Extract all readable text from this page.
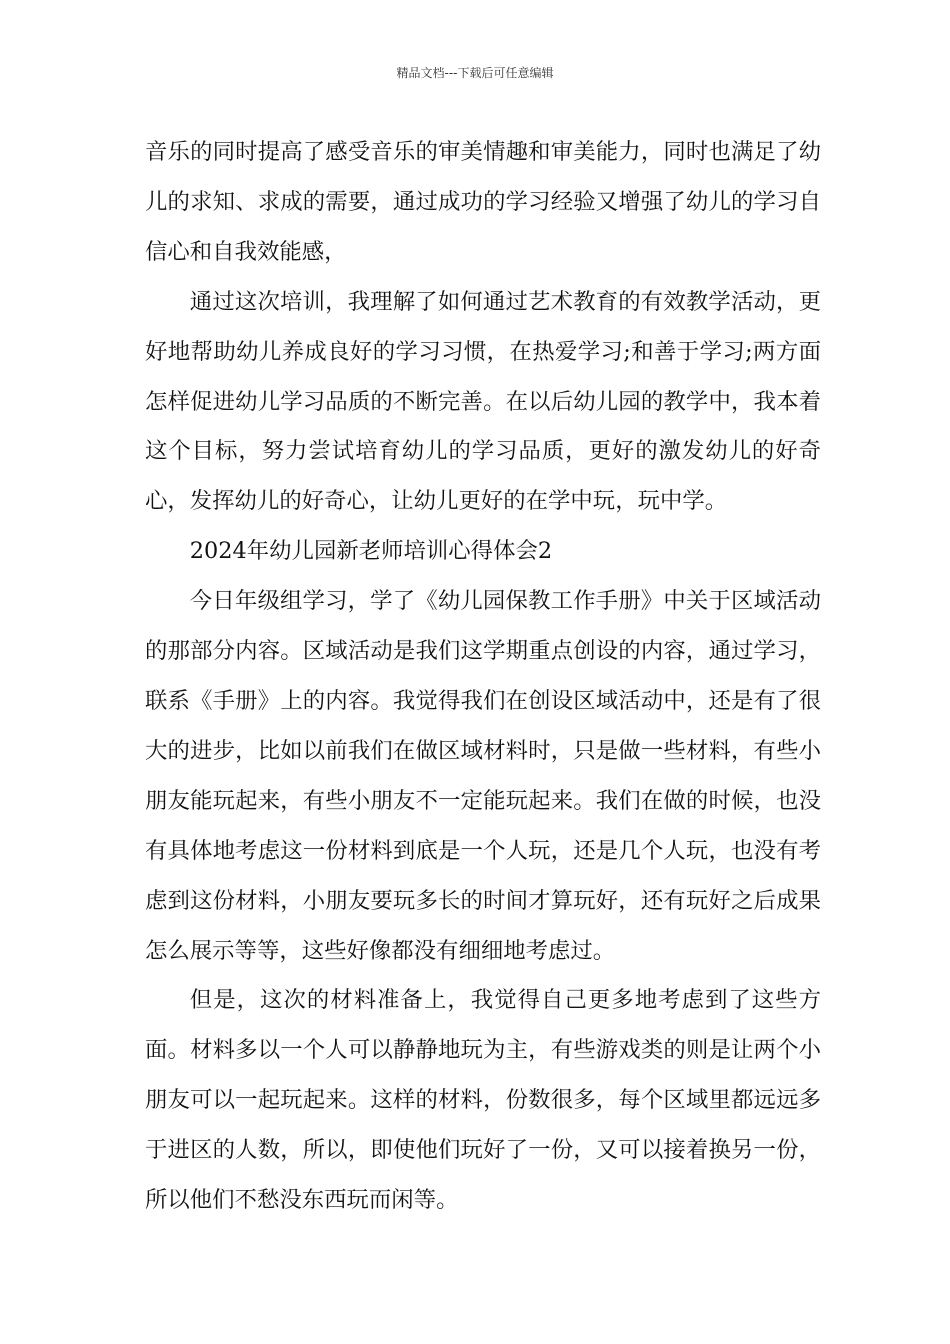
精品文档---下载后可任意编辑

音乐的同时提高了感受音乐的审美情趣和审美能力，同时也满足了幼儿的求知、求成的需要，通过成功的学习经验又增强了幼儿的学习自信心和自我效能感，

通过这次培训，我理解了如何通过艺术教育的有效教学活动，更好地帮助幼儿养成良好的学习习惯，在热爱学习;和善于学习;两方面怎样促进幼儿学习品质的不断完善。在以后幼儿园的教学中，我本着这个目标，努力尝试培育幼儿的学习品质，更好的激发幼儿的好奇心，发挥幼儿的好奇心，让幼儿更好的在学中玩，玩中学。

2024年幼儿园新老师培训心得体会2

今日年级组学习，学了《幼儿园保教工作手册》中关于区域活动的那部分内容。区域活动是我们这学期重点创设的内容，通过学习，联系《手册》上的内容。我觉得我们在创设区域活动中，还是有了很大的进步，比如以前我们在做区域材料时，只是做一些材料，有些小朋友能玩起来，有些小朋友不一定能玩起来。我们在做的时候，也没有具体地考虑这一份材料到底是一个人玩，还是几个人玩，也没有考虑到这份材料，小朋友要玩多长的时间才算玩好，还有玩好之后成果怎么展示等等，这些好像都没有细细地考虑过。

但是，这次的材料准备上，我觉得自己更多地考虑到了这些方面。材料多以一个人可以静静地玩为主，有些游戏类的则是让两个小朋友可以一起玩起来。这样的材料，份数很多，每个区域里都远远多于进区的人数，所以，即使他们玩好了一份，又可以接着换另一份，所以他们不愁没东西玩而闲等。
